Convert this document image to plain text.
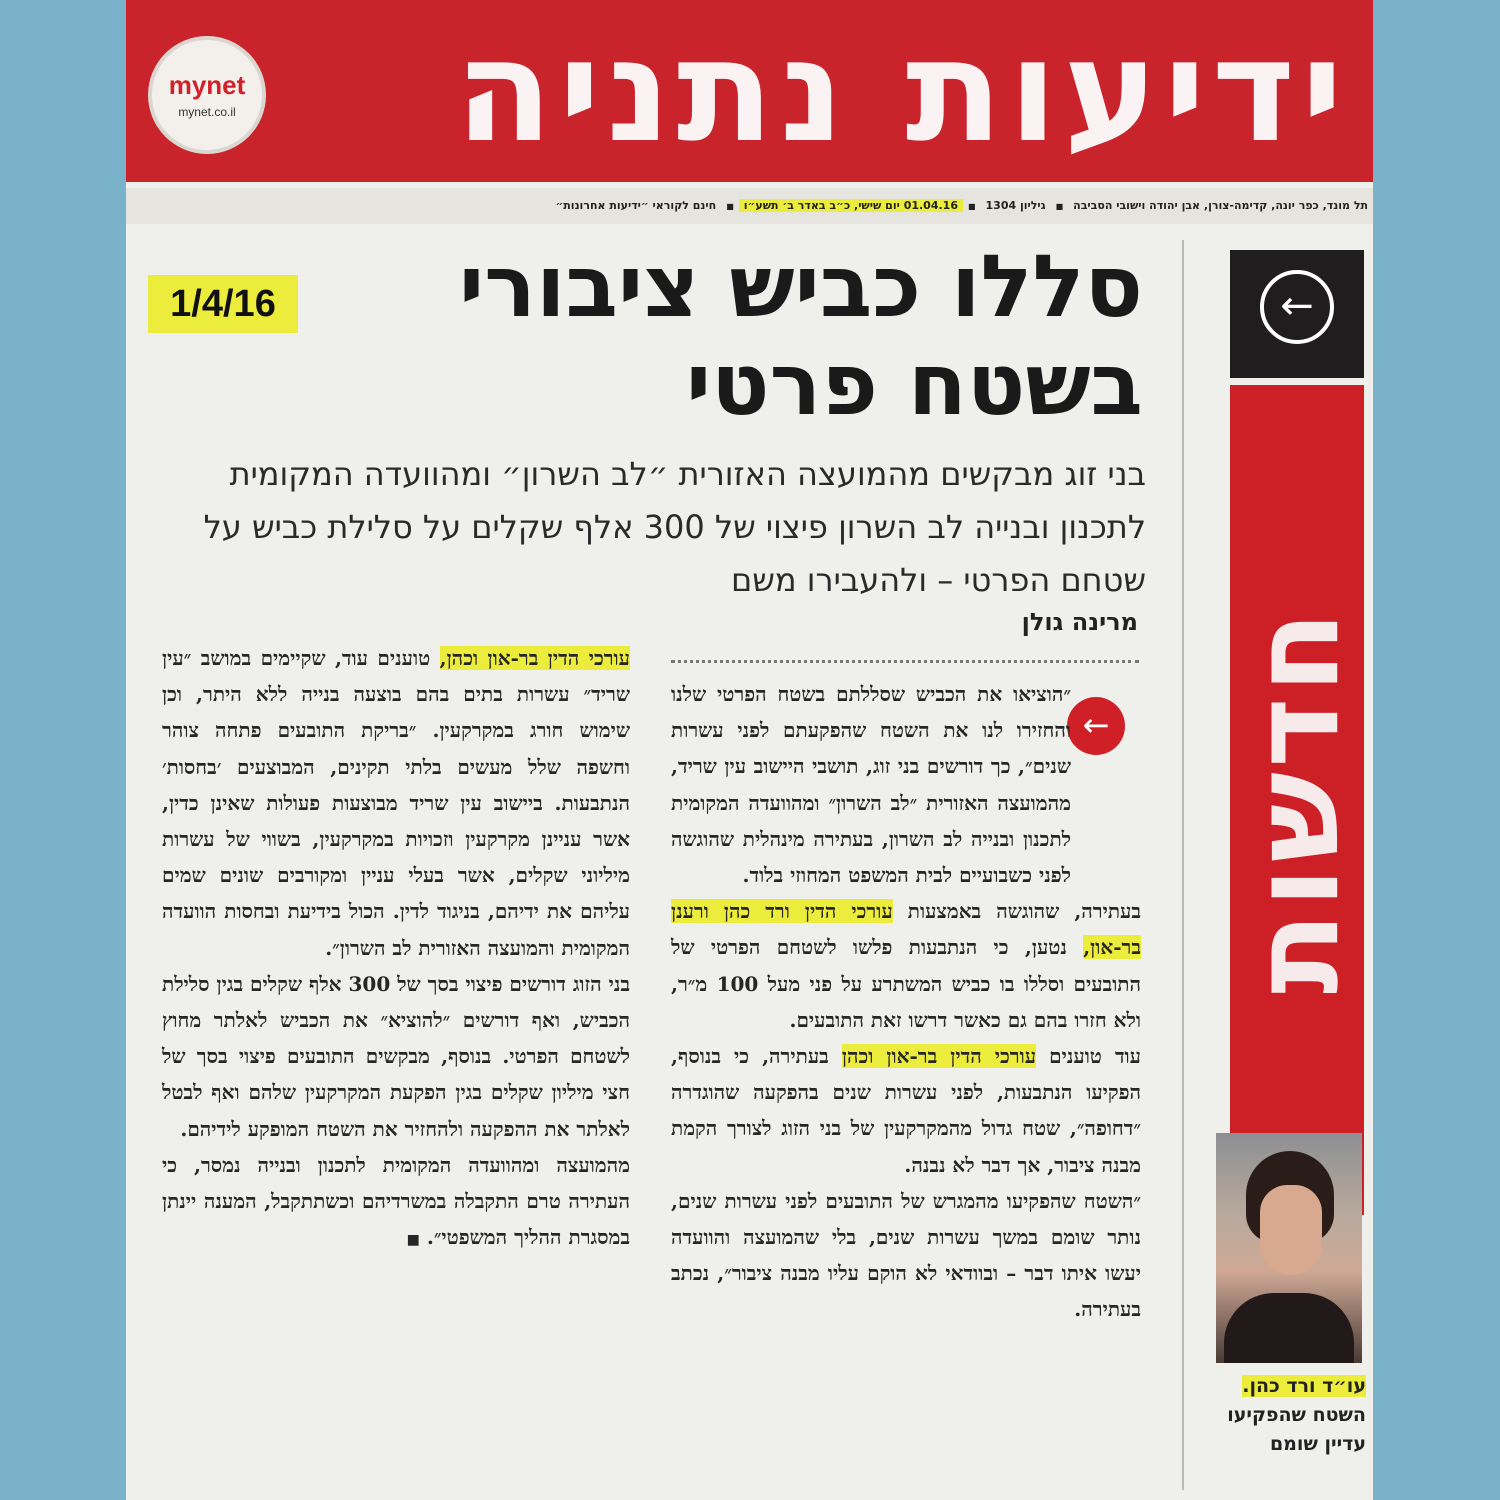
ידיעות נתניה
mynet
mynet.co.il
תל מונד, כפר יונה, קדימה-צורן, אבן יהודה וישובי הסביבה■גיליון 1304■01.04.16 יום שישי, כ״ב באדר ב׳ תשע״ו■חינם לקוראי ״ידיעות אחרונות״
←
חדשות
עו״ד ורד כהן. השטח שהפקיעו עדיין שומם
1/4/16	סללו כביש ציבורי
בשטח פרטי
בני זוג מבקשים מהמועצה האזורית ״לב השרון״ ומהוועדה המקומית לתכנון ובנייה לב השרון פיצוי של 300 אלף שקלים על סלילת כביש על שטחם הפרטי – ולהעבירו משם
מרינה גולן
←

״הוציאו את הכביש שסללתם בשטח הפרטי שלנו והחזירו לנו את השטח שהפקעתם לפני עשרות שנים״, כך דורשים בני זוג, תושבי היישוב עין שריד, מהמועצה האזורית ״לב השרון״ ומהוועדה המקומית לתכנון ובנייה לב השרון, בעתירה מינהלית שהוגשה לפני כשבועיים לבית המשפט המחוזי בלוד.

בעתירה, שהוגשה באמצעות עורכי הדין ורד כהן ורענן בר-און, נטען, כי הנתבעות פלשו לשטחם הפרטי של התובעים וסללו בו כביש המשתרע על פני מעל 100 מ״ר, ולא חזרו בהם גם כאשר דרשו זאת התובעים.

עוד טוענים עורכי הדין בר-און וכהן בעתירה, כי בנוסף, הפקיעו הנתבעות, לפני עשרות שנים בהפקעה שהוגדרה ״דחופה״, שטח גדול מהמקרקעין של בני הזוג לצורך הקמת מבנה ציבור, אך דבר לא נבנה.

״השטח שהפקיעו מהמגרש של התובעים לפני עשרות שנים, נותר שומם במשך עשרות שנים, בלי שהמועצה והוועדה יעשו איתו דבר – ובוודאי לא הוקם עליו מבנה ציבור״, נכתב בעתירה.

עורכי הדין בר-און וכהן, טוענים עוד, שקיימים במושב ״עין שריד״ עשרות בתים בהם בוצעה בנייה ללא היתר, וכן שימוש חורג במקרקעין. ״בריקת התובעים פתחה צוהר וחשפה שלל מעשים בלתי תקינים, המבוצעים ׳בחסות׳ הנתבעות. ביישוב עין שריד מבוצעות פעולות שאינן כדין, אשר עניינן מקרקעין וזכויות במקרקעין, בשווי של עשרות מיליוני שקלים, אשר בעלי עניין ומקורבים שונים שמים עליהם את ידיהם, בניגוד לדין. הכול בידיעת ובחסות הוועדה המקומית והמועצה האזורית לב השרון״.

בני הזוג דורשים פיצוי בסך של 300 אלף שקלים בגין סלילת הכביש, ואף דורשים ״להוציא״ את הכביש לאלתר מחוץ לשטחם הפרטי. בנוסף, מבקשים התובעים פיצוי בסך של חצי מיליון שקלים בגין הפקעת המקרקעין שלהם ואף לבטל לאלתר את ההפקעה ולהחזיר את השטח המופקע לידיהם.

מהמועצה ומהוועדה המקומית לתכנון ובנייה נמסר, כי העתירה טרם התקבלה במשרדיהם וכשתתקבל, המענה יינתן במסגרת ההליך המשפטי״. ■
